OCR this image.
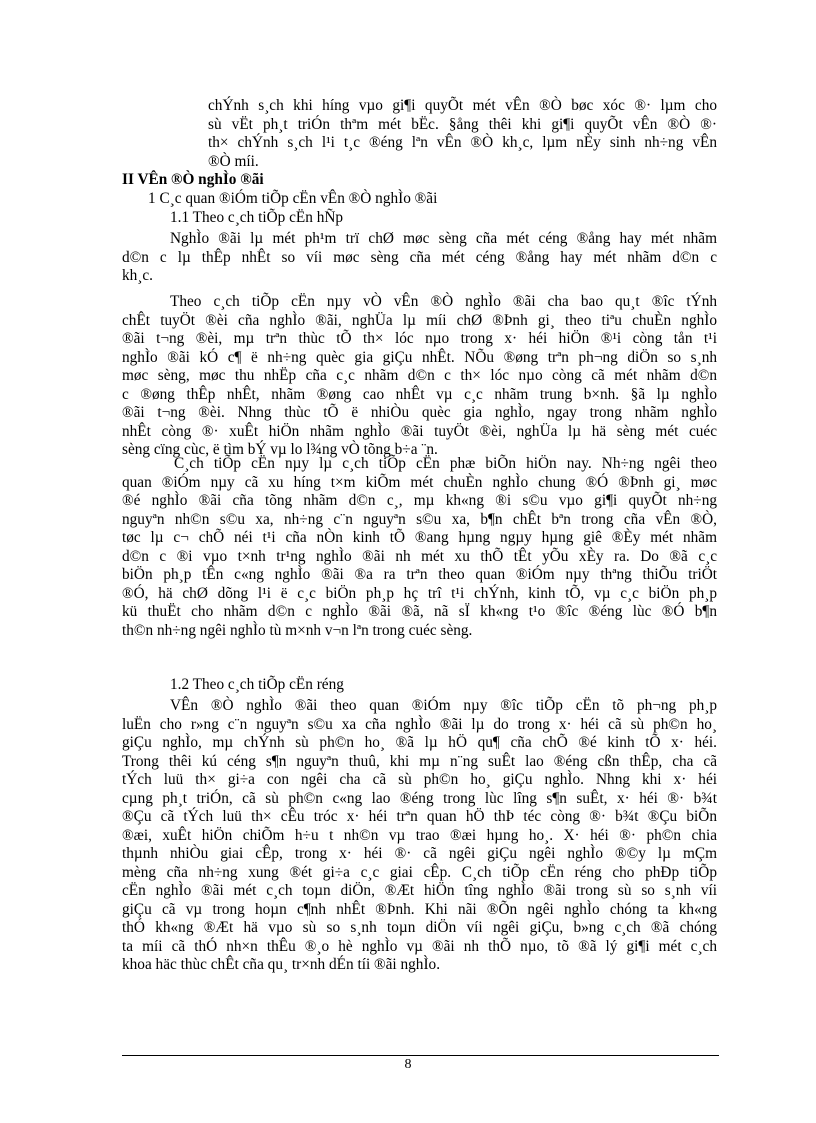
chÝnh s¸ch khi híng vµo gi¶i quyÕt mét vÊn ®Ò bøc xóc ®· lµm cho
sù vËt ph¸t triÓn thªm mét bËc. §ång thêi khi gi¶i quyÕt vÊn ®Ò ®·
th× chÝnh s¸ch l¹i t¸c ®éng lªn vÊn ®Ò kh¸c, lµm nÈy sinh nh÷ng vÊn
®Ò míi.
II VÊn ®Ò nghÌo ®ãi
1 C¸c quan ®iÓm tiÕp cËn vÊn ®Ò nghÌo ®ãi
1.1 Theo c¸ch tiÕp cËn hÑp
NghÌo ®ãi lµ mét ph¹m trï chØ møc sèng cña mét céng ®ång hay mét nhãm
d©n c lµ thÊp nhÊt so víi møc sèng cña mét céng ®ång hay mét nhãm d©n c
kh¸c.
Theo c¸ch tiÕp cËn nµy vÒ vÊn ®Ò nghÌo ®ãi cha bao qu¸t ®îc tÝnh
chÊt tuyÖt ®èi cña nghÌo ®ãi, nghÜa lµ míi chØ ®Þnh gi¸ theo tiªu chuÈn nghÌo
®ãi t¬ng ®èi, mµ trªn thùc tÕ th× lóc nµo trong x· héi hiÖn ®¹i còng tån t¹i
nghÌo ®ãi kÓ c¶ ë nh÷ng quèc gia giÇu nhÊt. NÕu ®øng trªn ph¬ng diÖn so s¸nh
møc sèng, møc thu nhËp cña c¸c nhãm d©n c th× lóc nµo còng cã mét nhãm d©n
c ®øng thÊp nhÊt, nhãm ®øng cao nhÊt vµ c¸c nhãm trung b×nh. §ã lµ nghÌo
®ãi t¬ng ®èi. Nhng thùc tÕ ë nhiÒu quèc gia nghÌo, ngay trong nhãm nghÌo
nhÊt còng ®· xuÊt hiÖn nhãm nghÌo ®ãi tuyÖt ®èi, nghÜa lµ hä sèng mét cuéc
sèng cïng cùc, ë tìm bÝ vµ lo l¾ng vÒ tõng b÷a ¨n.
C¸ch tiÕp cËn nµy lµ c¸ch tiÕp cËn phæ biÕn hiÖn nay. Nh÷ng ngêi theo
quan ®iÓm nµy cã xu híng t×m kiÕm mét chuÈn nghÌo chung ®Ó ®Þnh gi¸ møc
®é nghÌo ®ãi cña tõng nhãm d©n c¸, mµ kh«ng ®i s©u vµo gi¶i quyÕt nh÷ng
nguyªn nh©n s©u xa, nh÷ng c¨n nguyªn s©u xa, b¶n chÊt bªn trong cña vÊn ®Ò,
tøc lµ c¬ chÕ néi t¹i cña nÒn kinh tÕ ®ang hµng ngµy hµng giê ®Èy mét nhãm
d©n c ®i vµo t×nh tr¹ng nghÌo ®ãi nh mét xu thÕ tÊt yÕu xÈy ra. Do ®ã c¸c
biÖn ph¸p tÊn c«ng nghÌo ®ãi ®a ra trªn theo quan ®iÓm nµy thªng thiÕu triÖt
®Ó, hä chØ dõng l¹i ë c¸c biÖn ph¸p hç trî t¹i chÝnh, kinh tÕ, vµ c¸c biÖn ph¸p
kü thuËt cho nhãm d©n c nghÌo ®ãi ®ã, nã sÏ kh«ng t¹o ®îc ®éng lùc ®Ó b¶n
th©n nh÷ng ngêi nghÌo tù m×nh v¬n lªn trong cuéc sèng.
1.2 Theo c¸ch tiÕp cËn réng
VÊn ®Ò nghÌo ®ãi theo quan ®iÓm nµy ®îc tiÕp cËn tõ ph¬ng ph¸p
luËn cho r»ng c¨n nguyªn s©u xa cña nghÌo ®ãi lµ do trong x· héi cã sù ph©n ho¸
giÇu nghÌo, mµ chÝnh sù ph©n ho¸ ®ã lµ hÖ qu¶ cña chÕ ®é kinh tÕ x· héi.
Trong thêi kú céng s¶n nguyªn thuû, khi mµ n¨ng suÊt lao ®éng cßn thÊp, cha cã
tÝch luü th× gi÷a con ngêi cha cã sù ph©n ho¸ giÇu nghÌo. Nhng khi x· héi
cµng ph¸t triÓn, cã sù ph©n c«ng lao ®éng trong lùc lîng s¶n suÊt, x· héi ®· b¾t
®Çu cã tÝch luü th× cÊu tróc x· héi trªn quan hÖ thÞ téc còng ®· b¾t ®Çu biÕn
®æi, xuÊt hiÖn chiÕm h÷u t nh©n vµ trao ®æi hµng ho¸. X· héi ®· ph©n chia
thµnh nhiÒu giai cÊp, trong x· héi ®· cã ngêi giÇu ngêi nghÌo ®©y lµ mÇm
mèng cña nh÷ng xung ®ét gi÷a c¸c giai cÊp. C¸ch tiÕp cËn réng cho phÐp tiÕp
cËn nghÌo ®ãi mét c¸ch toµn diÖn, ®Æt hiÖn tîng nghÌo ®ãi trong sù so s¸nh víi
giÇu cã vµ trong hoµn c¶nh nhÊt ®Þnh. Khi nãi ®Õn ngêi nghÌo chóng ta kh«ng
thÓ kh«ng ®Æt hä vµo sù so s¸nh toµn diÖn víi ngêi giÇu, b»ng c¸ch ®ã chóng
ta míi cã thÓ nh×n thÊu ®¸o hè nghÌo vµ ®ãi nh thÕ nµo, tõ ®ã lý gi¶i mét c¸ch
khoa häc thùc chÊt cña qu¸ tr×nh dÉn tíi ®ãi nghÌo.
8
